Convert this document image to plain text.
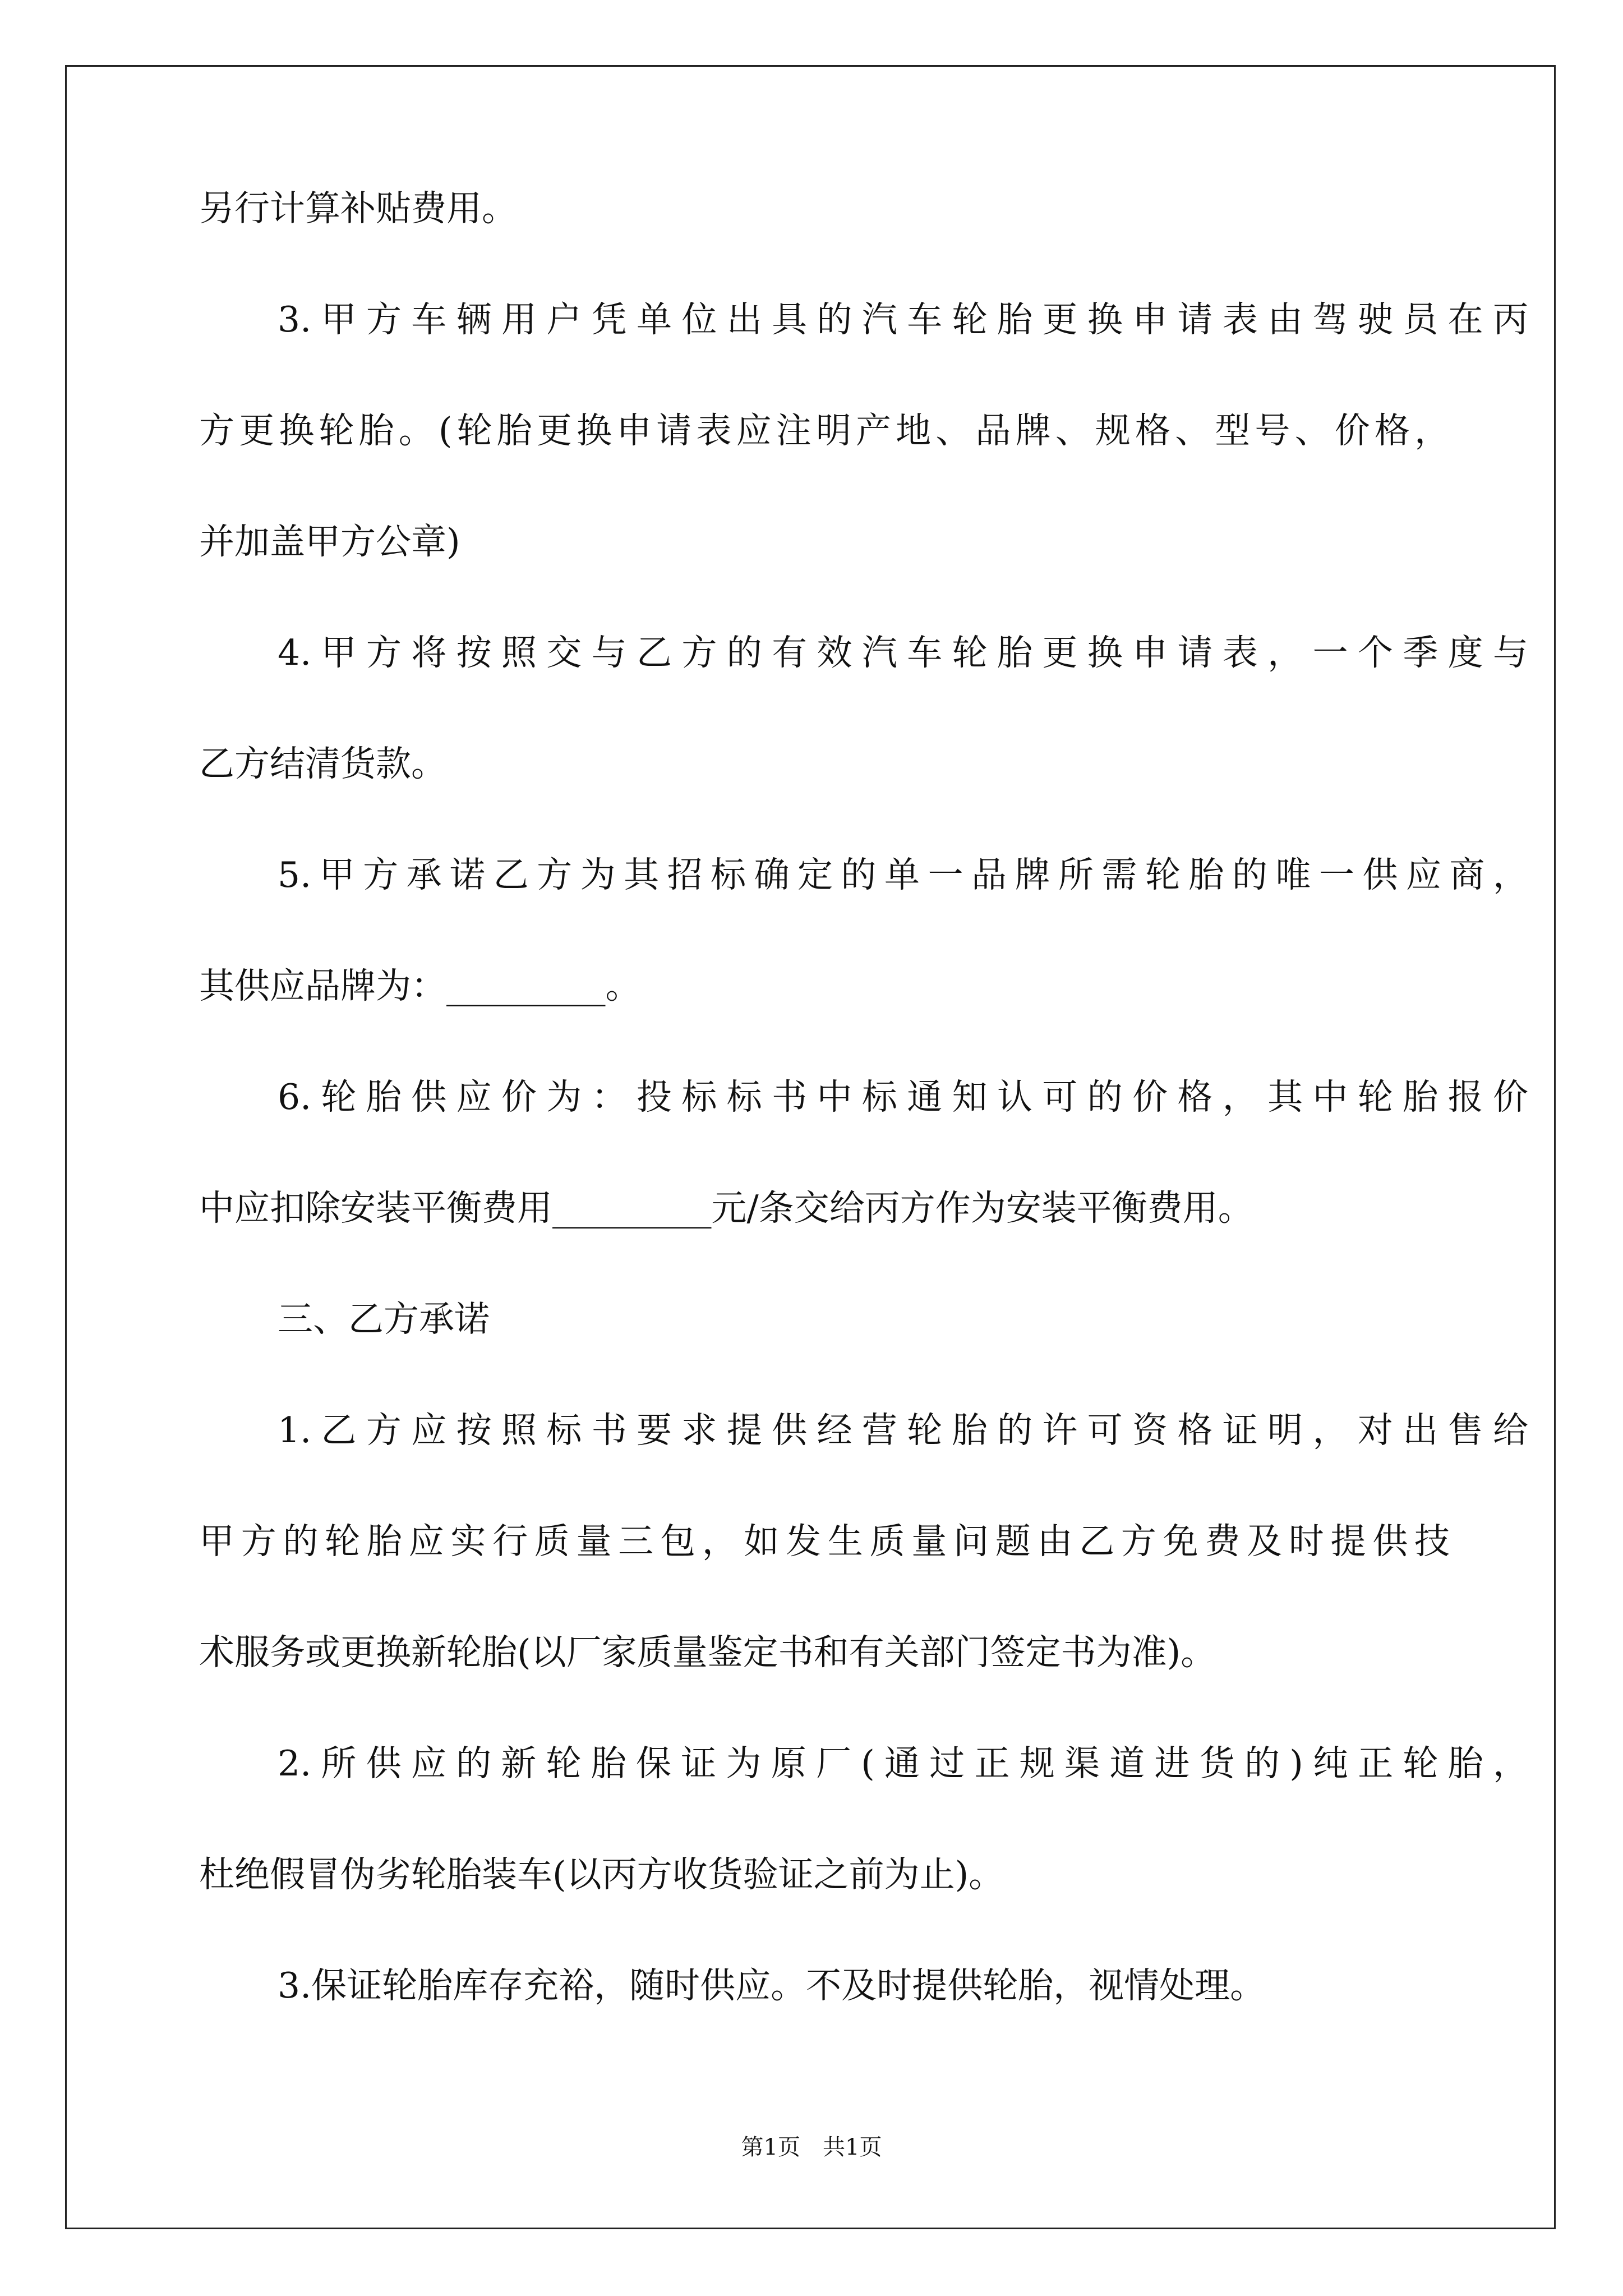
另行计算补贴费用。
3.甲方车辆用户凭单位出具的汽车轮胎更换申请表由驾驶员在丙
方更换轮胎。(轮胎更换申请表应注明产地、品牌、规格、型号、价格，
并加盖甲方公章)
4.甲方将按照交与乙方的有效汽车轮胎更换申请表，一个季度与
乙方结清货款。
5.甲方承诺乙方为其招标确定的单一品牌所需轮胎的唯一供应商，
其供应品牌为：_________。
6.轮胎供应价为：投标标书中标通知认可的价格，其中轮胎报价
中应扣除安装平衡费用_________元/条交给丙方作为安装平衡费用。
三、乙方承诺
1.乙方应按照标书要求提供经营轮胎的许可资格证明，对出售给
甲方的轮胎应实行质量三包，如发生质量问题由乙方免费及时提供技
术服务或更换新轮胎(以厂家质量鉴定书和有关部门签定书为准)。
2.所供应的新轮胎保证为原厂(通过正规渠道进货的)纯正轮胎，
杜绝假冒伪劣轮胎装车(以丙方收货验证之前为止)。
3.保证轮胎库存充裕，随时供应。不及时提供轮胎，视情处理。
第1页　共1页
